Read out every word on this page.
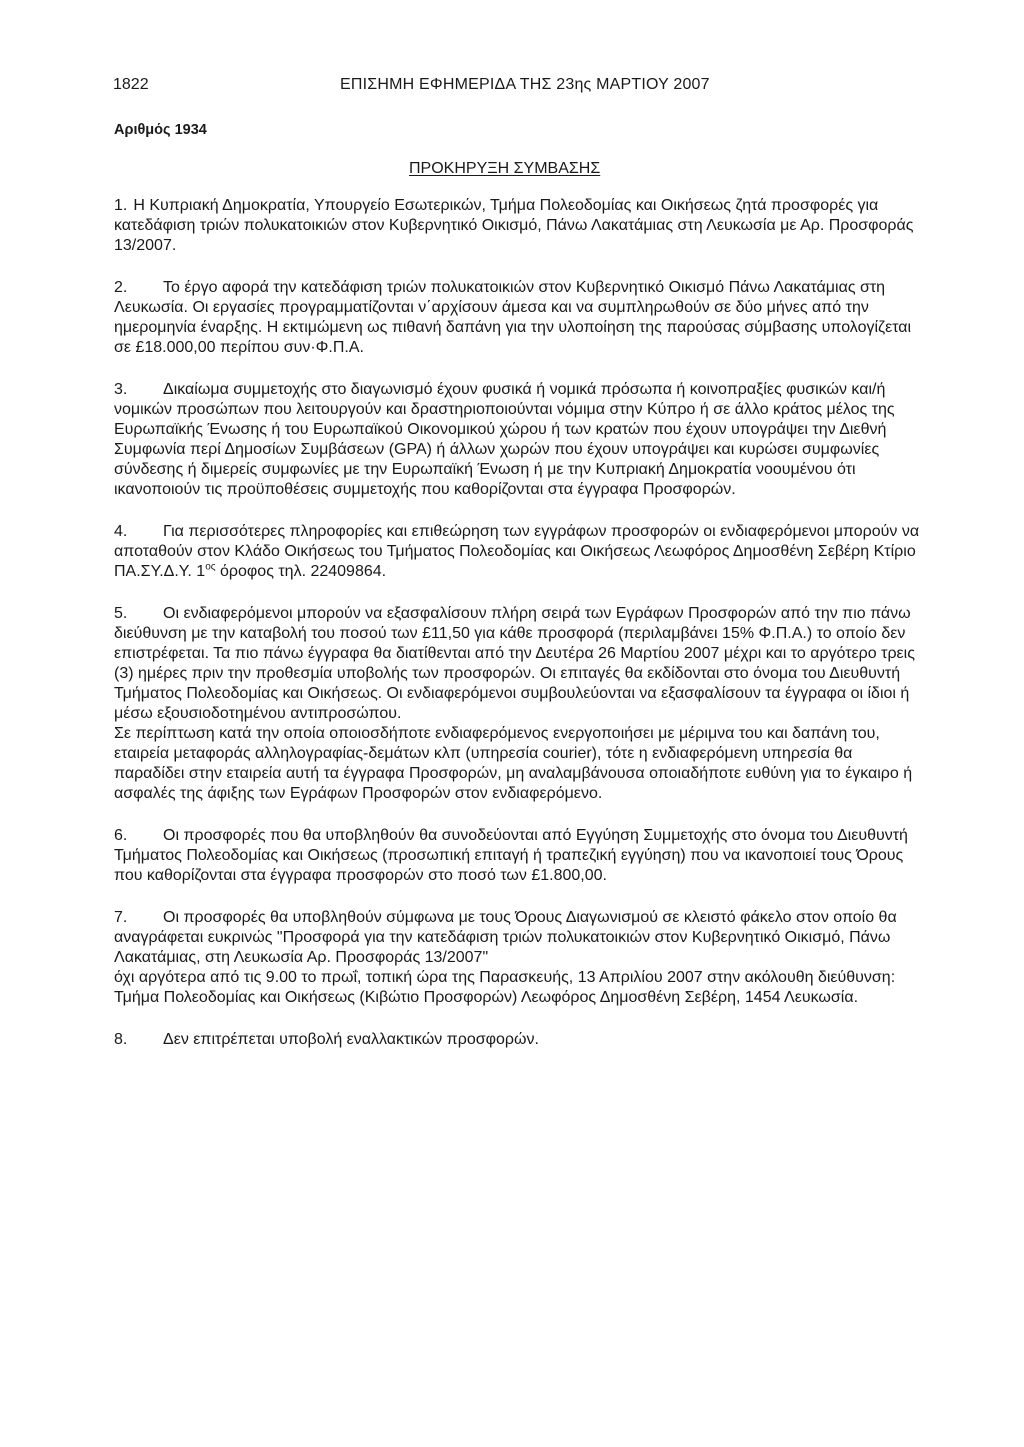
1822	ΕΠΙΣΗΜΗ ΕΦΗΜΕΡΙΔΑ ΤΗΣ 23ης ΜΑΡΤΙΟΥ 2007
Αριθμός 1934
ΠΡΟΚΗΡΥΞΗ ΣΥΜΒΑΣΗΣ

1. Η Κυπριακή Δημοκρατία, Υπουργείο Εσωτερικών, Τμήμα Πολεοδομίας και Οικήσεως ζητά προσφορές για κατεδάφιση τριών πολυκατοικιών στον Κυβερνητικό Οικισμό, Πάνω Λακατάμιας στη Λευκωσία με Αρ. Προσφοράς 13/2007.

2. Το έργο αφορά την κατεδάφιση τριών πολυκατοικιών στον Κυβερνητικό Οικισμό Πάνω Λακατάμιας στη Λευκωσία. Οι εργασίες προγραμματίζονται ν΄αρχίσουν άμεσα και να συμπληρωθούν σε δύο μήνες από την ημερομηνία έναρξης. Η εκτιμώμενη ως πιθανή δαπάνη για την υλοποίηση της παρούσας σύμβασης υπολογίζεται σε £18.000,00 περίπου συν·Φ.Π.Α.

3. Δικαίωμα συμμετοχής στο διαγωνισμό έχουν φυσικά ή νομικά πρόσωπα ή κοινοπραξίες φυσικών και/ή νομικών προσώπων που λειτουργούν και δραστηριοποιούνται νόμιμα στην Κύπρο ή σε άλλο κράτος μέλος της Ευρωπαϊκής Ένωσης ή του Ευρωπαϊκού Οικονομικού χώρου ή των κρατών που έχουν υπογράψει την Διεθνή Συμφωνία περί Δημοσίων Συμβάσεων (GPA) ή άλλων χωρών που έχουν υπογράψει και κυρώσει συμφωνίες σύνδεσης ή διμερείς συμφωνίες με την Ευρωπαϊκή Ένωση ή με την Κυπριακή Δημοκρατία νοουμένου ότι ικανοποιούν τις προϋποθέσεις συμμετοχής που καθορίζονται στα έγγραφα Προσφορών.

4. Για περισσότερες πληροφορίες και επιθεώρηση των εγγράφων προσφορών οι ενδιαφερόμενοι μπορούν να αποταθούν στον Κλάδο Οικήσεως του Τμήματος Πολεοδομίας και Οικήσεως Λεωφόρος Δημοσθένη Σεβέρη Κτίριο ΠΑ.ΣΥ.Δ.Υ. $1^{o\varsigma}$ όροφος τηλ. 22409864.

5. Οι ενδιαφερόμενοι μπορούν να εξασφαλίσουν πλήρη σειρά των Εγράφων Προσφορών από την πιο πάνω διεύθυνση με την καταβολή του ποσού των £11,50 για κάθε προσφορά (περιλαμβάνει 15% Φ.Π.Α.) το οποίο δεν επιστρέφεται. Τα πιο πάνω έγγραφα θα διατίθενται από την Δευτέρα 26 Μαρτίου 2007 μέχρι και το αργότερο τρεις (3) ημέρες πριν την προθεσμία υποβολής των προσφορών. Οι επιταγές θα εκδίδονται στο όνομα του Διευθυντή Τμήματος Πολεοδομίας και Οικήσεως. Οι ενδιαφερόμενοι συμβουλεύονται να εξασφαλίσουν τα έγγραφα οι ίδιοι ή μέσω εξουσιοδοτημένου αντιπροσώπου.

Σε περίπτωση κατά την οποία οποιοσδήποτε ενδιαφερόμενος ενεργοποιήσει με μέριμνα του και δαπάνη του, εταιρεία μεταφοράς αλληλογραφίας-δεμάτων κλπ (υπηρεσία courier), τότε η ενδιαφερόμενη υπηρεσία θα παραδίδει στην εταιρεία αυτή τα έγγραφα Προσφορών, μη αναλαμβάνουσα οποιαδήποτε ευθύνη για το έγκαιρο ή ασφαλές της άφιξης των Εγράφων Προσφορών στον ενδιαφερόμενο.

6. Οι προσφορές που θα υποβληθούν θα συνοδεύονται από Εγγύηση Συμμετοχής στο όνομα του Διευθυντή Τμήματος Πολεοδομίας και Οικήσεως (προσωπική επιταγή ή τραπεζική εγγύηση) που να ικανοποιεί τους Όρους που καθορίζονται στα έγγραφα προσφορών στο ποσό των £1.800,00.

7. Οι προσφορές θα υποβληθούν σύμφωνα με τους Όρους Διαγωνισμού σε κλειστό φάκελο στον οποίο θα αναγράφεται ευκρινώς "Προσφορά για την κατεδάφιση τριών πολυκατοικιών στον Κυβερνητικό Οικισμό, Πάνω Λακατάμιας, στη Λευκωσία Αρ. Προσφοράς 13/2007"

όχι αργότερα από τις 9.00 το πρωΐ, τοπική ώρα της Παρασκευής, 13 Απριλίου 2007 στην ακόλουθη διεύθυνση: Τμήμα Πολεοδομίας και Οικήσεως (Κιβώτιο Προσφορών) Λεωφόρος Δημοσθένη Σεβέρη, 1454 Λευκωσία.

8. Δεν επιτρέπεται υποβολή εναλλακτικών προσφορών.
